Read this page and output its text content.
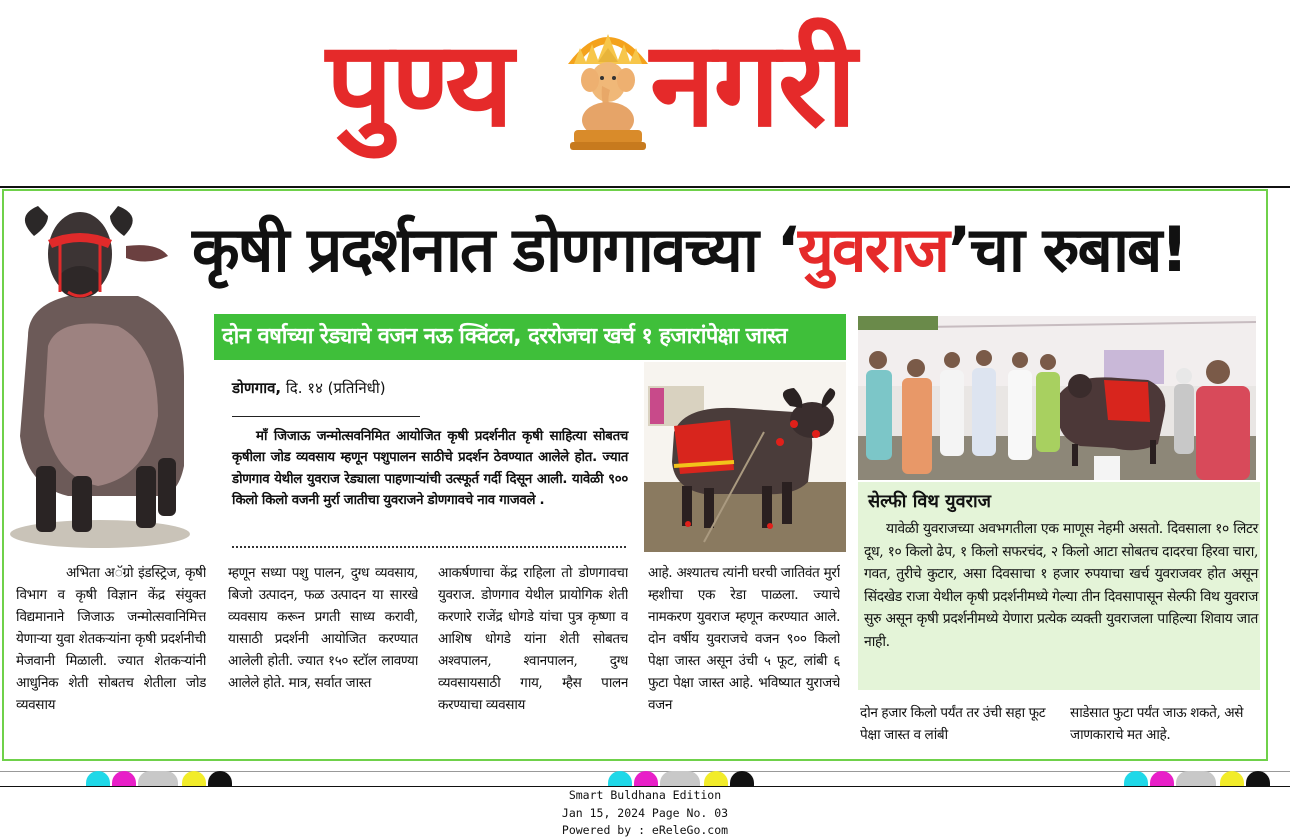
पुण्य नगरी
कृषी प्रदर्शनात डोणगावच्या ‘युवराज’चा रुबाब!
दोन वर्षाच्या रेड्याचे वजन नऊ क्विंटल, दररोजचा खर्च १ हजारांपेक्षा जास्त
डोणगाव, दि. १४ (प्रतिनिधी)
माँ जिजाऊ जन्मोत्सवनिमित आयोजित कृषी प्रदर्शनीत कृषी साहित्या सोबतच कृषीला जोड व्यवसाय म्हणून पशुपालन साठीचे प्रदर्शन ठेवण्यात आलेले होत. ज्यात डोणगाव येथील युवराज रेड्याला पाहणाऱ्यांची उत्स्फूर्त गर्दी दिसून आली. यावेळी ९०० किलो किलो वजनी मुर्रा जातीचा युवराजने डोणगावचे नाव गाजवले .
अभिता अॅग्रो इंडस्ट्रिज, कृषी विभाग व कृषी विज्ञान केंद्र संयुक्त विद्यमानाने जिजाऊ जन्मोत्सवानिमित्त येणाऱ्या युवा शेतकऱ्यांना कृषी प्रदर्शनीची मेजवानी मिळाली. ज्यात शेतकऱ्यांनी आधुनिक शेती सोबतच शेतीला जोड व्यवसाय
म्हणून सध्या पशु पालन, दुग्ध व्यवसाय, बिजो उत्पादन, फळ उत्पादन या सारखे व्यवसाय करून प्रगती साध्य करावी, यासाठी प्रदर्शनी आयोजित करण्यात आलेली होती. ज्यात १५० स्टॉल लावण्या आलेले होते. मात्र, सर्वात जास्त
आकर्षणाचा केंद्र राहिला तो डोणगावचा युवराज. डोणगाव येथील प्रायोगिक शेती करणारे राजेंद्र धोगडे यांचा पुत्र कृष्णा व आशिष धोगडे यांना शेती सोबतच अश्वपालन, श्वानपालन, दुग्ध व्यवसायसाठी गाय, म्हैस पालन करण्याचा व्यवसाय
आहे. अश्यातच त्यांनी घरची जातिवंत मुर्रा म्हशीचा एक रेडा पाळला. ज्याचे नामकरण युवराज म्हणून करण्यात आले. दोन वर्षीय युवराजचे वजन ९०० किलो पेक्षा जास्त असून उंची ५ फूट, लांबी ६ फुटा पेक्षा जास्त आहे. भविष्यात युराजचे वजन
सेल्फी विथ युवराज
यावेळी युवराजच्या अवभगतीला एक माणूस नेहमी असतो. दिवसाला १० लिटर दूध, १० किलो ढेप, १ किलो सफरचंद, २ किलो आटा सोबतच दादरचा हिरवा चारा, गवत, तुरीचे कुटार, असा दिवसाचा १ हजार रुपयाचा खर्च युवराजवर होत असून सिंदखेड राजा येथील कृषी प्रदर्शनीमध्ये गेल्या तीन दिवसापासून सेल्फी विथ युवराज सुरु असून कृषी प्रदर्शनीमध्ये येणारा प्रत्येक व्यक्ती युवराजला पाहिल्या शिवाय जात नाही.
दोन हजार किलो पर्यंत तर उंची सहा फूट पेक्षा जास्त व लांबी
साडेसात फुटा पर्यंत जाऊ शकते, असे जाणकाराचे मत आहे.
Smart Buldhana Edition
Jan 15, 2024 Page No. 03
Powered by : eReleGo.com
